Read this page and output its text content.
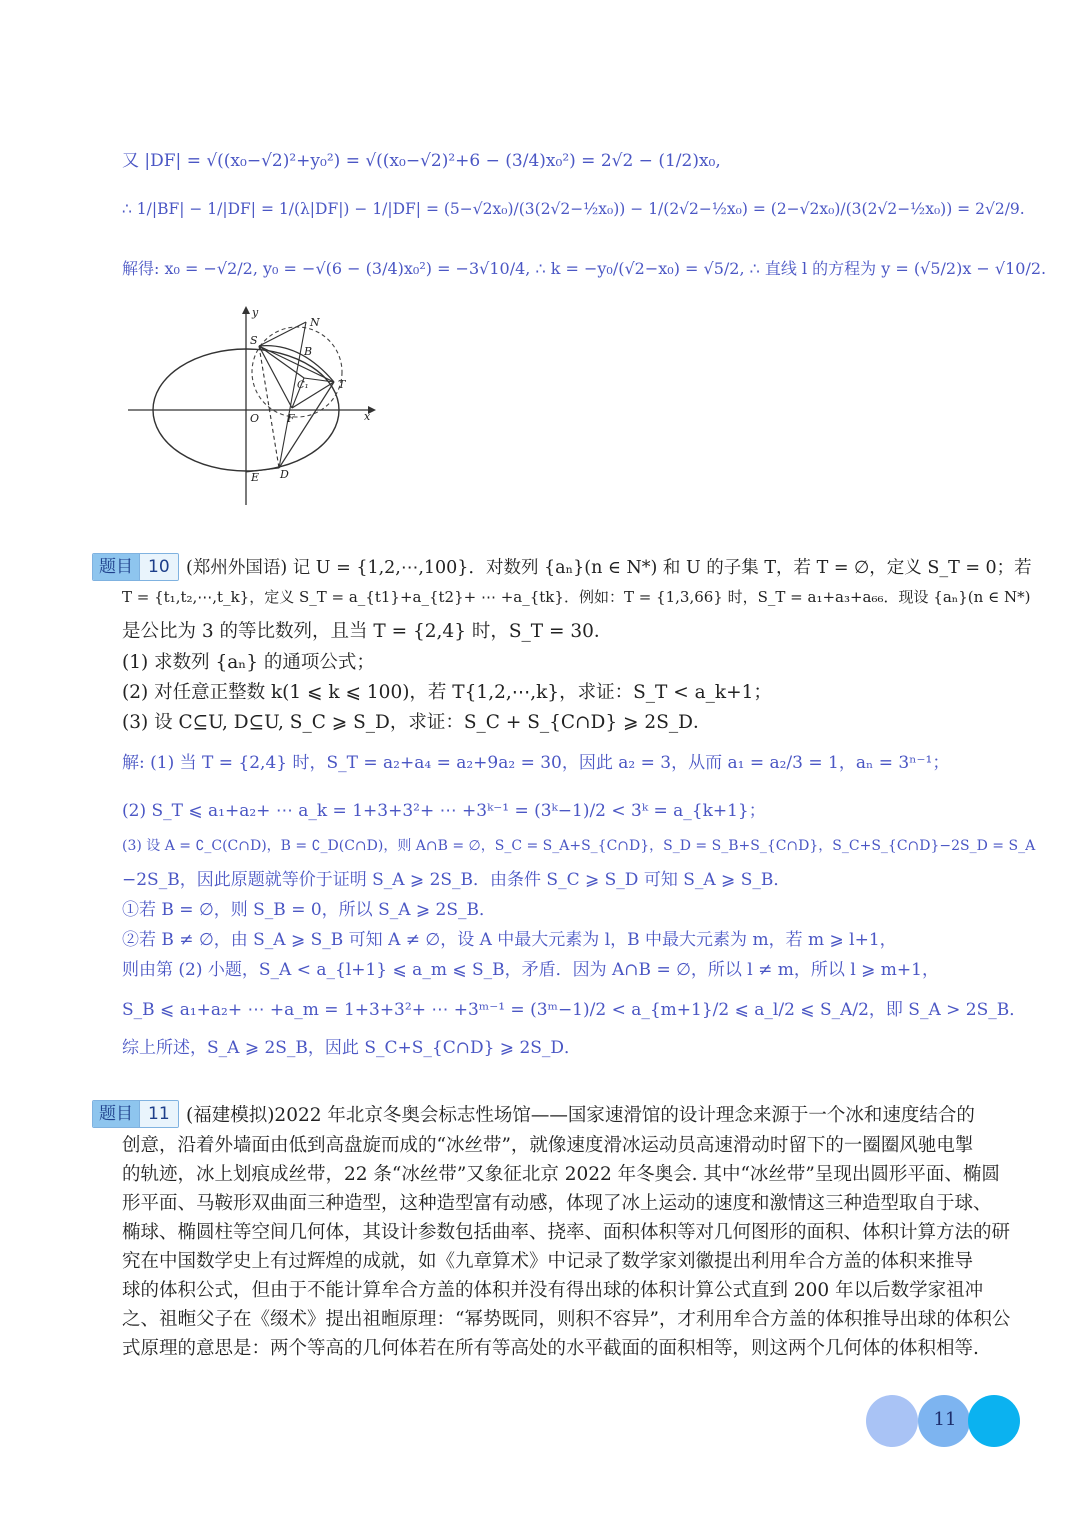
又 |DF| = √((x₀−√2)²+y₀²) = √((x₀−√2)²+6 − (3/4)x₀²) = 2√2 − (1/2)x₀,
∴ 1/|BF| − 1/|DF| = 1/(λ|DF|) − 1/|DF| = (5−√2x₀)/(3(2√2−½x₀)) − 1/(2√2−½x₀) = (2−√2x₀)/(3(2√2−½x₀)) = 2√2/9.
解得: x₀ = −√2/2, y₀ = −√(6 − (3/4)x₀²) = −3√10/4, ∴ k = −y₀/(√2−x₀) = √5/2, ∴ 直线 l 的方程为 y = (√5/2)x − √10/2.
y
x
O
S
N
B
C₁	T
F
E D
题目 10 (郑州外国语) 记 U = {1,2,⋯,100}．对数列 {aₙ}(n ∈ N*) 和 U 的子集 T，若 T = ∅，定义 S_T = 0；若
T = {t₁,t₂,⋯,t_k}，定义 S_T = a_{t1}+a_{t2}+ ⋯ +a_{tk}．例如：T = {1,3,66} 时，S_T = a₁+a₃+a₆₆．现设 {aₙ}(n ∈ N*)
是公比为 3 的等比数列，且当 T = {2,4} 时，S_T = 30．
(1) 求数列 {aₙ} 的通项公式；
(2) 对任意正整数 k(1 ⩽ k ⩽ 100)，若 T{1,2,⋯,k}，求证：S_T < a_k+1；
(3) 设 C⊆U, D⊆U, S_C ⩾ S_D，求证：S_C + S_{C∩D} ⩾ 2S_D．
解: (1) 当 T = {2,4} 时，S_T = a₂+a₄ = a₂+9a₂ = 30，因此 a₂ = 3，从而 a₁ = a₂/3 = 1，aₙ = 3ⁿ⁻¹；
(2) S_T ⩽ a₁+a₂+ ⋯ a_k = 1+3+3²+ ⋯ +3ᵏ⁻¹ = (3ᵏ−1)/2 < 3ᵏ = a_{k+1}；
(3) 设 A = ∁_C(C∩D)，B = ∁_D(C∩D)，则 A∩B = ∅，S_C = S_A+S_{C∩D}，S_D = S_B+S_{C∩D}，S_C+S_{C∩D}−2S_D = S_A
−2S_B，因此原题就等价于证明 S_A ⩾ 2S_B．由条件 S_C ⩾ S_D 可知 S_A ⩾ S_B．
①若 B = ∅，则 S_B = 0，所以 S_A ⩾ 2S_B．
②若 B ≠ ∅，由 S_A ⩾ S_B 可知 A ≠ ∅，设 A 中最大元素为 l，B 中最大元素为 m，若 m ⩾ l+1，
则由第 (2) 小题，S_A < a_{l+1} ⩽ a_m ⩽ S_B，矛盾．因为 A∩B = ∅，所以 l ≠ m，所以 l ⩾ m+1，
S_B ⩽ a₁+a₂+ ⋯ +a_m = 1+3+3²+ ⋯ +3ᵐ⁻¹ = (3ᵐ−1)/2 < a_{m+1}/2 ⩽ a_l/2 ⩽ S_A/2，即 S_A > 2S_B．
综上所述，S_A ⩾ 2S_B，因此 S_C+S_{C∩D} ⩾ 2S_D．
题目 11 (福建模拟)2022 年北京冬奥会标志性场馆——国家速滑馆的设计理念来源于一个冰和速度结合的
创意，沿着外墙面由低到高盘旋而成的“冰丝带”，就像速度滑冰运动员高速滑动时留下的一圈圈风驰电掣
的轨迹，冰上划痕成丝带，22 条“冰丝带”又象征北京 2022 年冬奥会. 其中“冰丝带”呈现出圆形平面、椭圆
形平面、马鞍形双曲面三种造型，这种造型富有动感，体现了冰上运动的速度和激情这三种造型取自于球、
椭球、椭圆柱等空间几何体，其设计参数包括曲率、挠率、面积体积等对几何图形的面积、体积计算方法的研
究在中国数学史上有过辉煌的成就，如《九章算术》中记录了数学家刘徽提出利用牟合方盖的体积来推导
球的体积公式，但由于不能计算牟合方盖的体积并没有得出球的体积计算公式直到 200 年以后数学家祖冲
之、祖暅父子在《缀术》提出祖暅原理：“幂势既同，则积不容异”，才利用牟合方盖的体积推导出球的体积公
式原理的意思是：两个等高的几何体若在所有等高处的水平截面的面积相等，则这两个几何体的体积相等.
11
